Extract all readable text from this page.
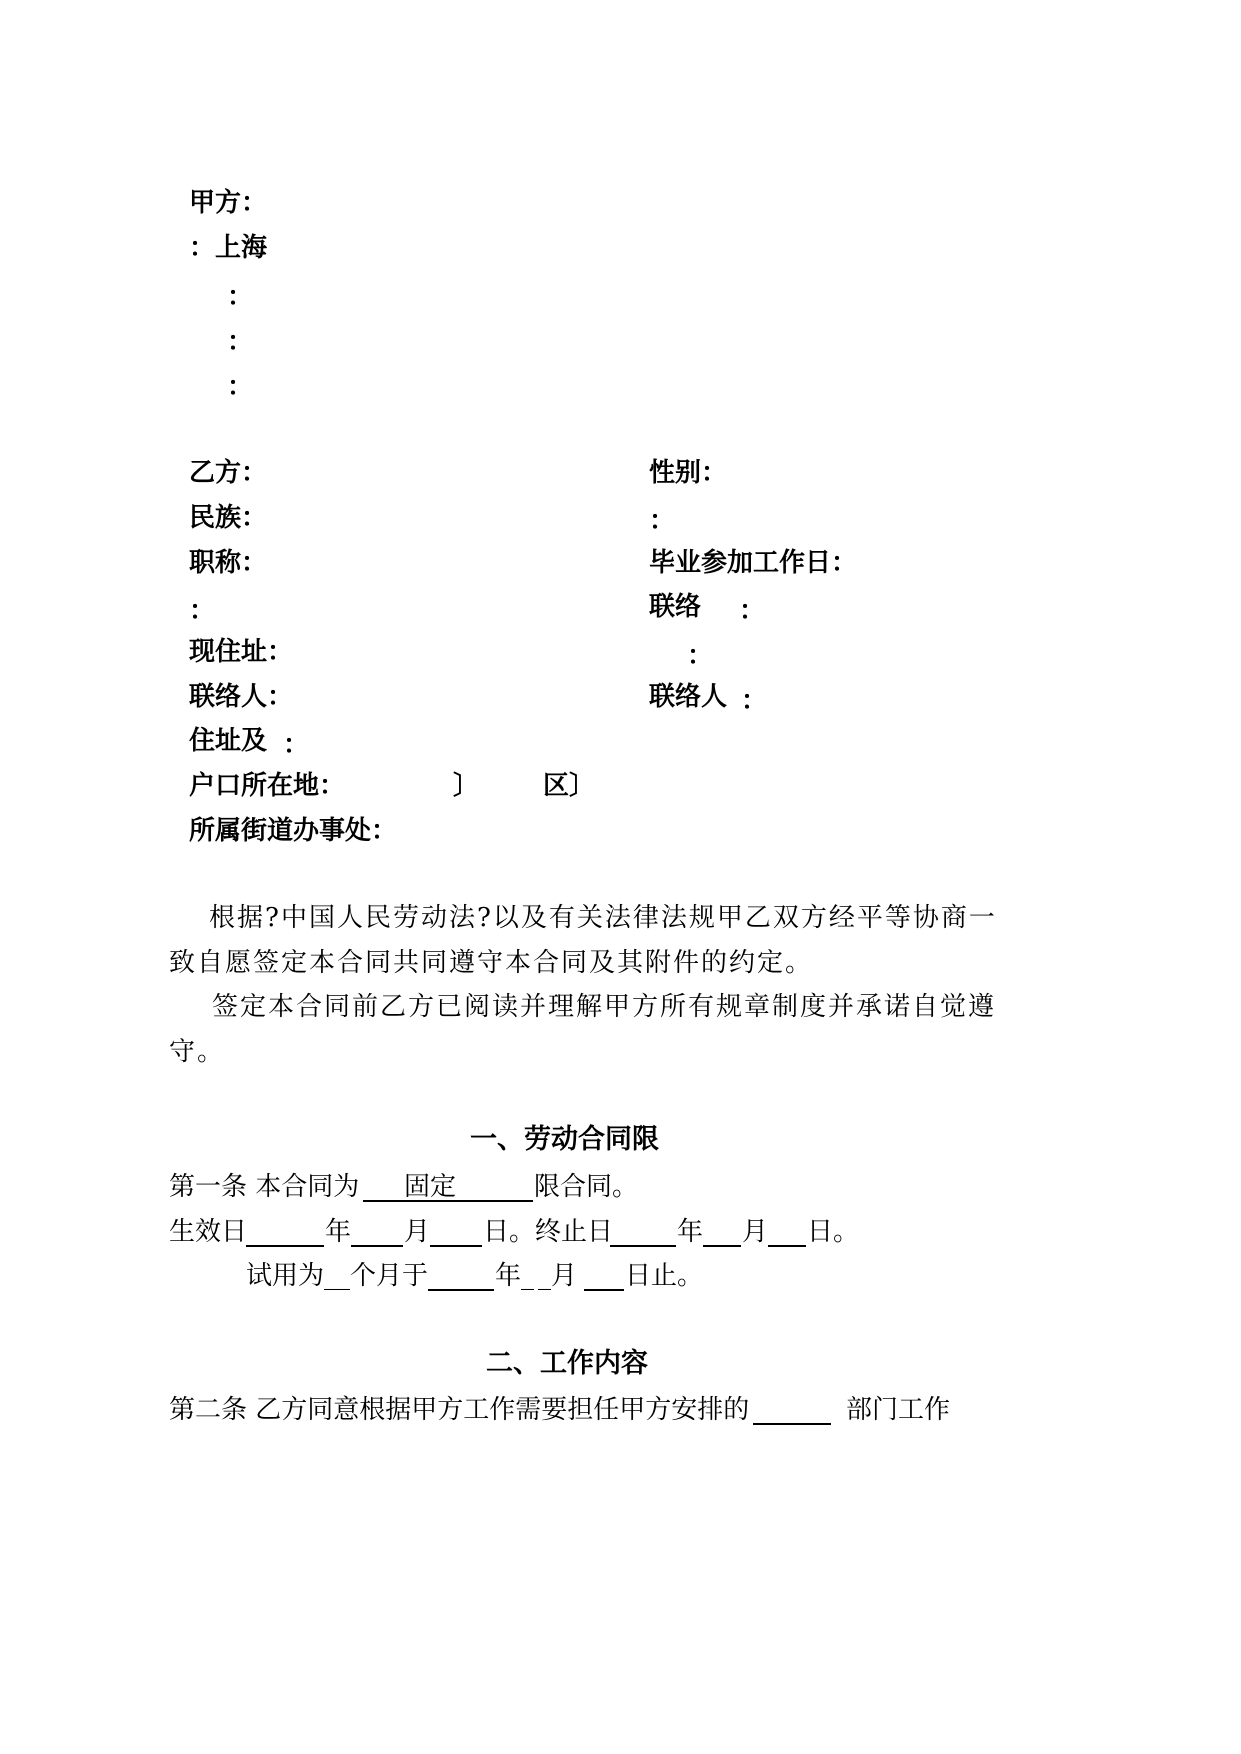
甲方：
：上海
：
：
：
乙方：	性别：
民族：	：
职称：	毕业参加工作日：
：	联络 ：
现住址：	：
联络人：	联络人 ：
住址及 ：
户口所在地：	〕 区〕
所属街道办事处：
根据?中国人民劳动法?以及有关法律法规甲乙双方经平等协商一
致自愿签定本合同共同遵守本合同及其附件的约定。
签定本合同前乙方已阅读并理解甲方所有规章制度并承诺自觉遵
守。
一、劳动合同限
第一条 本合同为 固定	限合同。
生效日	年 月 日。终止日 年 月 日。
试用为__个月于	年_ _月 日止。
二、工作内容
第二条 乙方同意根据甲方工作需要担任甲方安排的	部门工作
